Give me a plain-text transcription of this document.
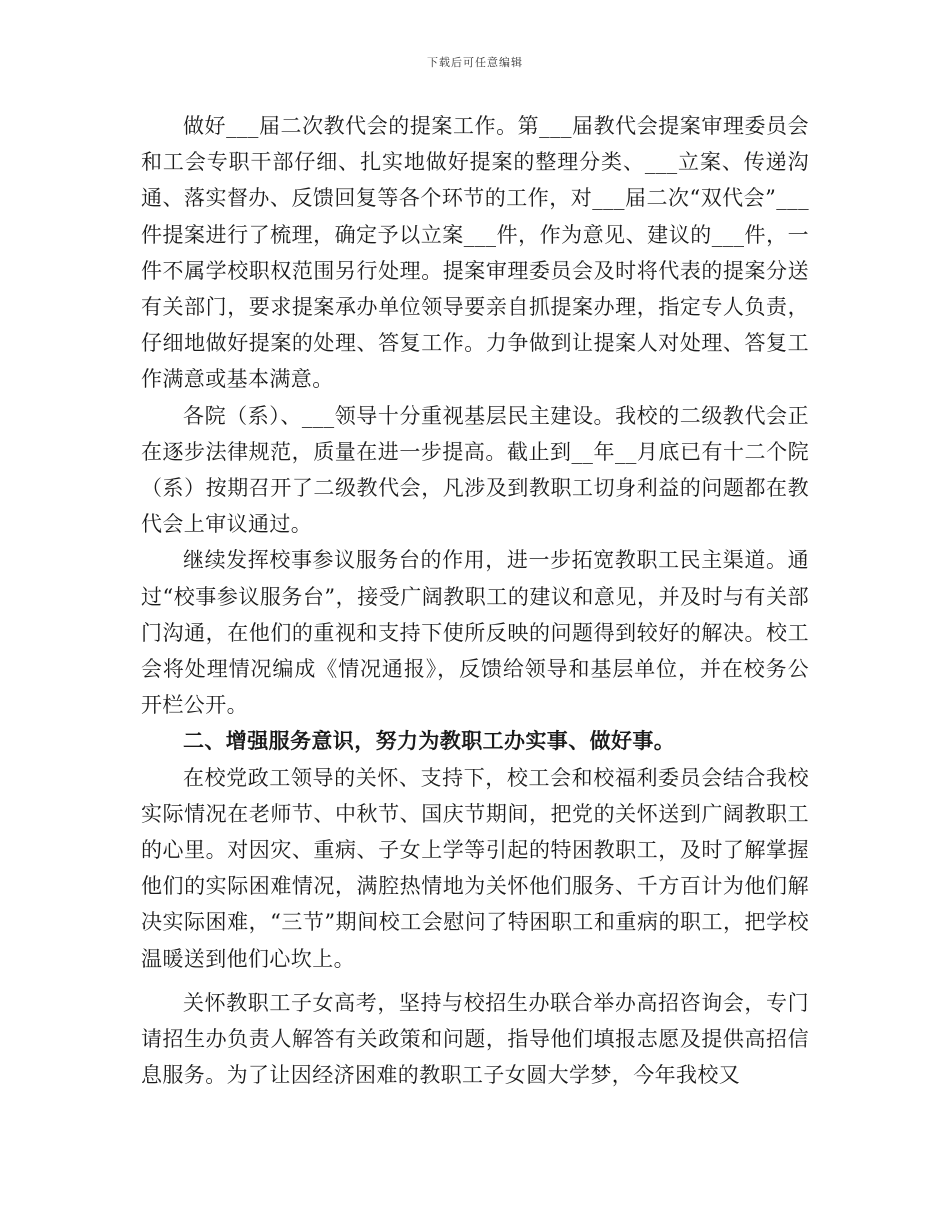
下载后可任意编辑

做好___届二次教代会的提案工作。第___届教代会提案审理委员会和工会专职干部仔细、扎实地做好提案的整理分类、___立案、传递沟通、落实督办、反馈回复等各个环节的工作，对___届二次“双代会”___件提案进行了梳理，确定予以立案___件，作为意见、建议的___件，一件不属学校职权范围另行处理。提案审理委员会及时将代表的提案分送有关部门，要求提案承办单位领导要亲自抓提案办理，指定专人负责，仔细地做好提案的处理、答复工作。力争做到让提案人对处理、答复工作满意或基本满意。

各院（系）、___领导十分重视基层民主建设。我校的二级教代会正在逐步法律规范，质量在进一步提高。截止到__年__月底已有十二个院（系）按期召开了二级教代会，凡涉及到教职工切身利益的问题都在教代会上审议通过。

继续发挥校事参议服务台的作用，进一步拓宽教职工民主渠道。通过“校事参议服务台”，接受广阔教职工的建议和意见，并及时与有关部门沟通，在他们的重视和支持下使所反映的问题得到较好的解决。校工会将处理情况编成《情况通报》，反馈给领导和基层单位，并在校务公开栏公开。

二、增强服务意识，努力为教职工办实事、做好事。

在校党政工领导的关怀、支持下，校工会和校福利委员会结合我校实际情况在老师节、中秋节、国庆节期间，把党的关怀送到广阔教职工的心里。对因灾、重病、子女上学等引起的特困教职工，及时了解掌握他们的实际困难情况，满腔热情地为关怀他们服务、千方百计为他们解决实际困难，“三节”期间校工会慰问了特困职工和重病的职工，把学校温暖送到他们心坎上。

关怀教职工子女高考，坚持与校招生办联合举办高招咨询会，专门请招生办负责人解答有关政策和问题，指导他们填报志愿及提供高招信息服务。为了让因经济困难的教职工子女圆大学梦，今年我校又
